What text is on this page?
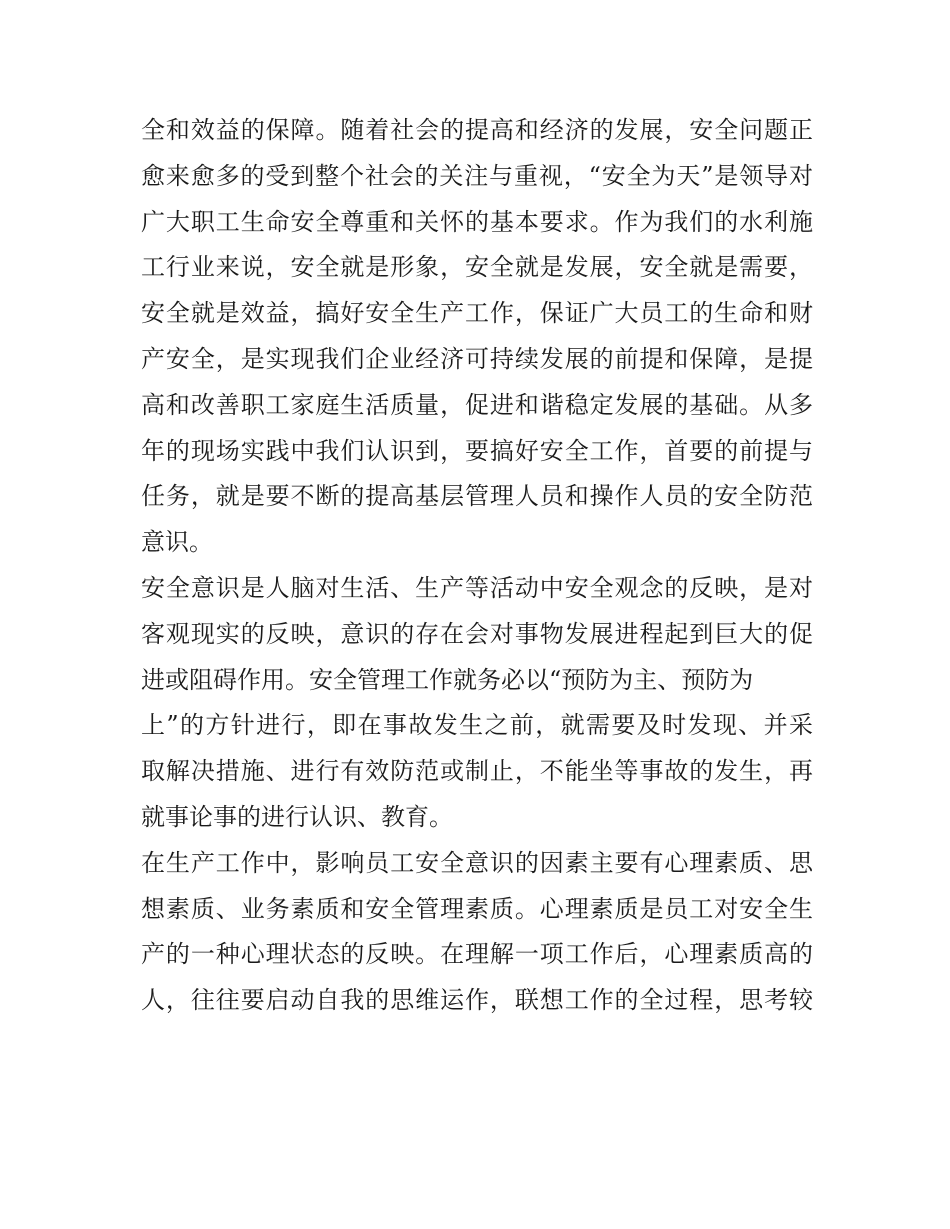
全和效益的保障。随着社会的提高和经济的发展，安全问题正
愈来愈多的受到整个社会的关注与重视，“安全为天”是领导对
广大职工生命安全尊重和关怀的基本要求。作为我们的水利施
工行业来说，安全就是形象，安全就是发展，安全就是需要，
安全就是效益，搞好安全生产工作，保证广大员工的生命和财
产安全，是实现我们企业经济可持续发展的前提和保障，是提
高和改善职工家庭生活质量，促进和谐稳定发展的基础。从多
年的现场实践中我们认识到，要搞好安全工作，首要的前提与
任务，就是要不断的提高基层管理人员和操作人员的安全防范
意识。
安全意识是人脑对生活、生产等活动中安全观念的反映，是对
客观现实的反映，意识的存在会对事物发展进程起到巨大的促
进或阻碍作用。安全管理工作就务必以“预防为主、预防为
上”的方针进行，即在事故发生之前，就需要及时发现、并采
取解决措施、进行有效防范或制止，不能坐等事故的发生，再
就事论事的进行认识、教育。
在生产工作中，影响员工安全意识的因素主要有心理素质、思
想素质、业务素质和安全管理素质。心理素质是员工对安全生
产的一种心理状态的反映。在理解一项工作后，心理素质高的
人，往往要启动自我的思维运作，联想工作的全过程，思考较
